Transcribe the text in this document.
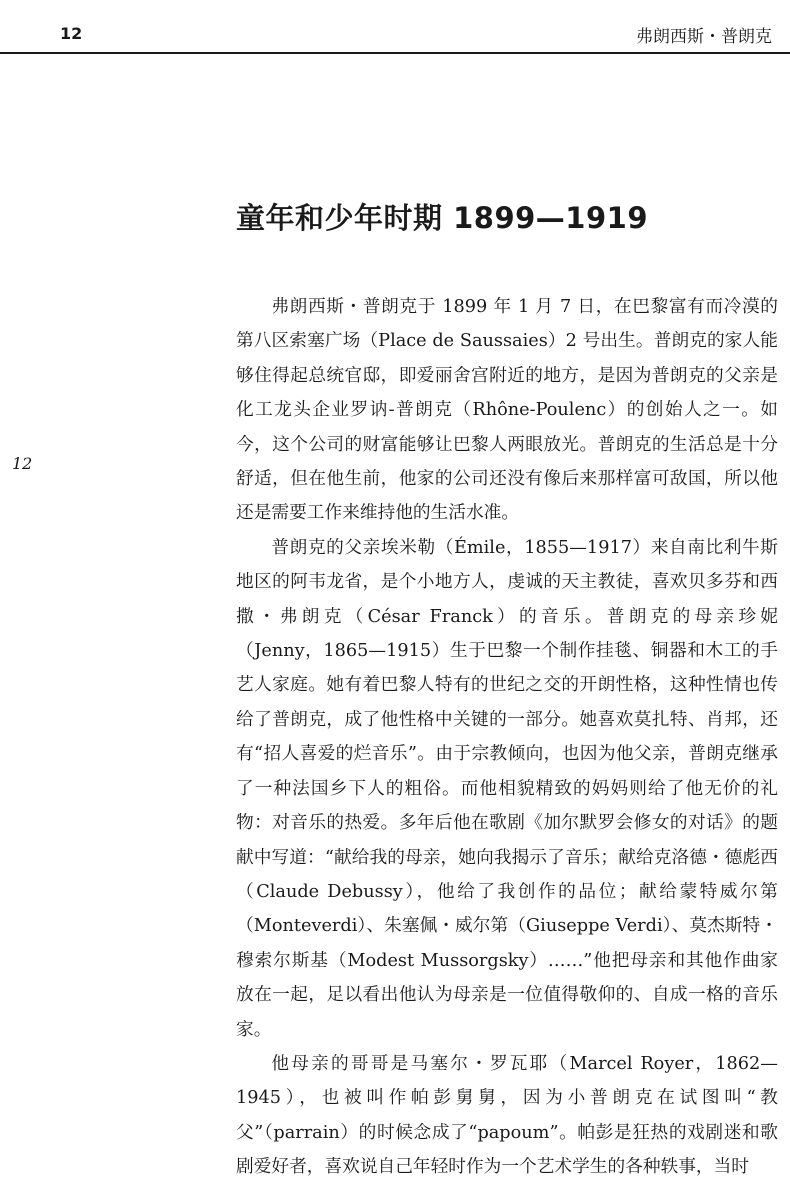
12	弗朗西斯・普朗克
童年和少年时期 1899—1919
12

弗朗西斯・普朗克于 1899 年 1 月 7 日，在巴黎富有而冷漠的第八区索塞广场（Place de Saussaies）2 号出生。普朗克的家人能够住得起总统官邸，即爱丽舍宫附近的地方，是因为普朗克的父亲是化工龙头企业罗讷-普朗克（Rhône-Poulenc）的创始人之一。如今，这个公司的财富能够让巴黎人两眼放光。普朗克的生活总是十分舒适，但在他生前，他家的公司还没有像后来那样富可敌国，所以他还是需要工作来维持他的生活水准。

普朗克的父亲埃米勒（Émile，1855—1917）来自南比利牛斯地区的阿韦龙省，是个小地方人，虔诚的天主教徒，喜欢贝多芬和西撒・弗朗克（César Franck）的音乐。普朗克的母亲珍妮（Jenny，1865—1915）生于巴黎一个制作挂毯、铜器和木工的手艺人家庭。她有着巴黎人特有的世纪之交的开朗性格，这种性情也传给了普朗克，成了他性格中关键的一部分。她喜欢莫扎特、肖邦，还有“招人喜爱的烂音乐”。由于宗教倾向，也因为他父亲，普朗克继承了一种法国乡下人的粗俗。而他相貌精致的妈妈则给了他无价的礼物：对音乐的热爱。多年后他在歌剧《加尔默罗会修女的对话》的题献中写道：“献给我的母亲，她向我揭示了音乐；献给克洛德・德彪西（Claude Debussy），他给了我创作的品位；献给蒙特威尔第（Monteverdi）、朱塞佩・威尔第（Giuseppe Verdi）、莫杰斯特・穆索尔斯基（Modest Mussorgsky）……”他把母亲和其他作曲家放在一起，足以看出他认为母亲是一位值得敬仰的、自成一格的音乐家。

他母亲的哥哥是马塞尔・罗瓦耶（Marcel Royer，1862—1945），也被叫作帕彭舅舅，因为小普朗克在试图叫“教父”（parrain）的时候念成了“papoum”。帕彭是狂热的戏剧迷和歌剧爱好者，喜欢说自己年轻时作为一个艺术学生的各种轶事，当时
